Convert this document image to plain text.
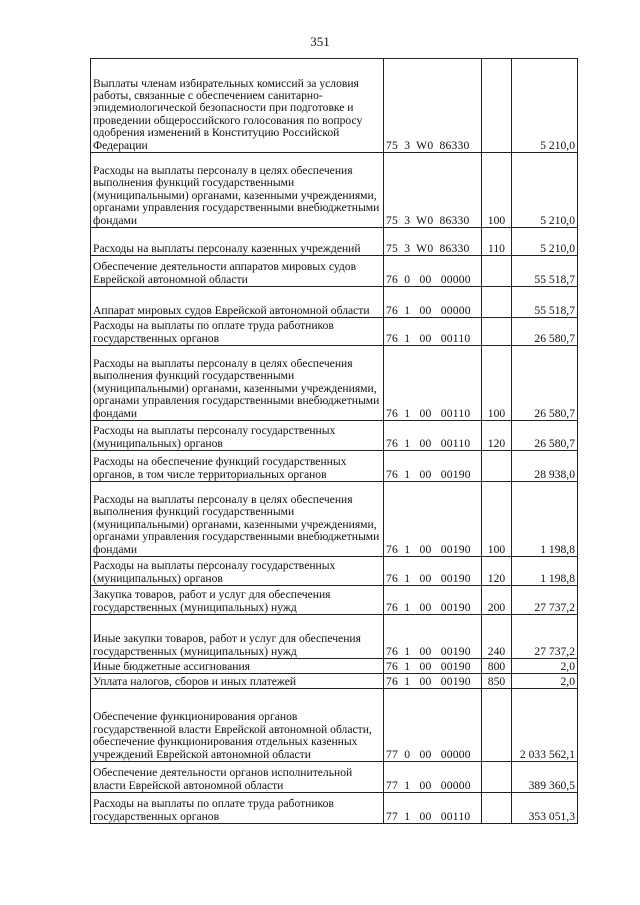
351
Выплаты членам избирательных комиссий за условия работы, связанные с обеспечением санитарно-эпидемиологической безопасности при подготовке и проведении общероссийского голосования по вопросу одобрения изменений в Конституцию Российской Федерации	75  3  W0  86330		5 210,0
Расходы на выплаты персоналу в целях обеспечения выполнения функций государственными (муниципальными) органами, казенными учреждениями, органами управления государственными внебюджетными фондами	75  3  W0  86330	100	5 210,0
Расходы на выплаты персоналу казенных учреждений	75  3  W0  86330	110	5 210,0
Обеспечение деятельности аппаратов мировых судов Еврейской автономной области	76  0   00   00000		55 518,7
Аппарат мировых судов Еврейской автономной области	76  1   00   00000		55 518,7
Расходы на выплаты по оплате труда работников государственных органов	76  1   00   00110		26 580,7
Расходы на выплаты персоналу в целях обеспечения выполнения функций государственными (муниципальными) органами, казенными учреждениями, органами управления государственными внебюджетными фондами	76  1   00   00110	100	26 580,7
Расходы на выплаты персоналу государственных (муниципальных) органов	76  1   00   00110	120	26 580,7
Расходы на обеспечение функций государственных органов, в том числе территориальных органов	76  1   00   00190		28 938,0
Расходы на выплаты персоналу в целях обеспечения выполнения функций государственными (муниципальными) органами, казенными учреждениями, органами управления государственными внебюджетными фондами	76  1   00   00190	100	1 198,8
Расходы на выплаты персоналу государственных (муниципальных) органов	76  1   00   00190	120	1 198,8
Закупка товаров, работ и услуг для обеспечения государственных (муниципальных) нужд	76  1   00   00190	200	27 737,2
Иные закупки товаров, работ и услуг для обеспечения государственных (муниципальных) нужд	76  1   00   00190	240	27 737,2
Иные бюджетные ассигнования	76  1   00   00190	800	2,0
Уплата налогов, сборов и иных платежей	76  1   00   00190	850	2,0
Обеспечение функционирования органов государственной власти Еврейской автономной области, обеспечение функционирования отдельных казенных учреждений Еврейской автономной области	77  0   00   00000		2 033 562,1
Обеспечение деятельности органов исполнительной власти Еврейской автономной области	77  1   00   00000		389 360,5
Расходы на выплаты по оплате труда работников государственных органов	77  1   00   00110		353 051,3
